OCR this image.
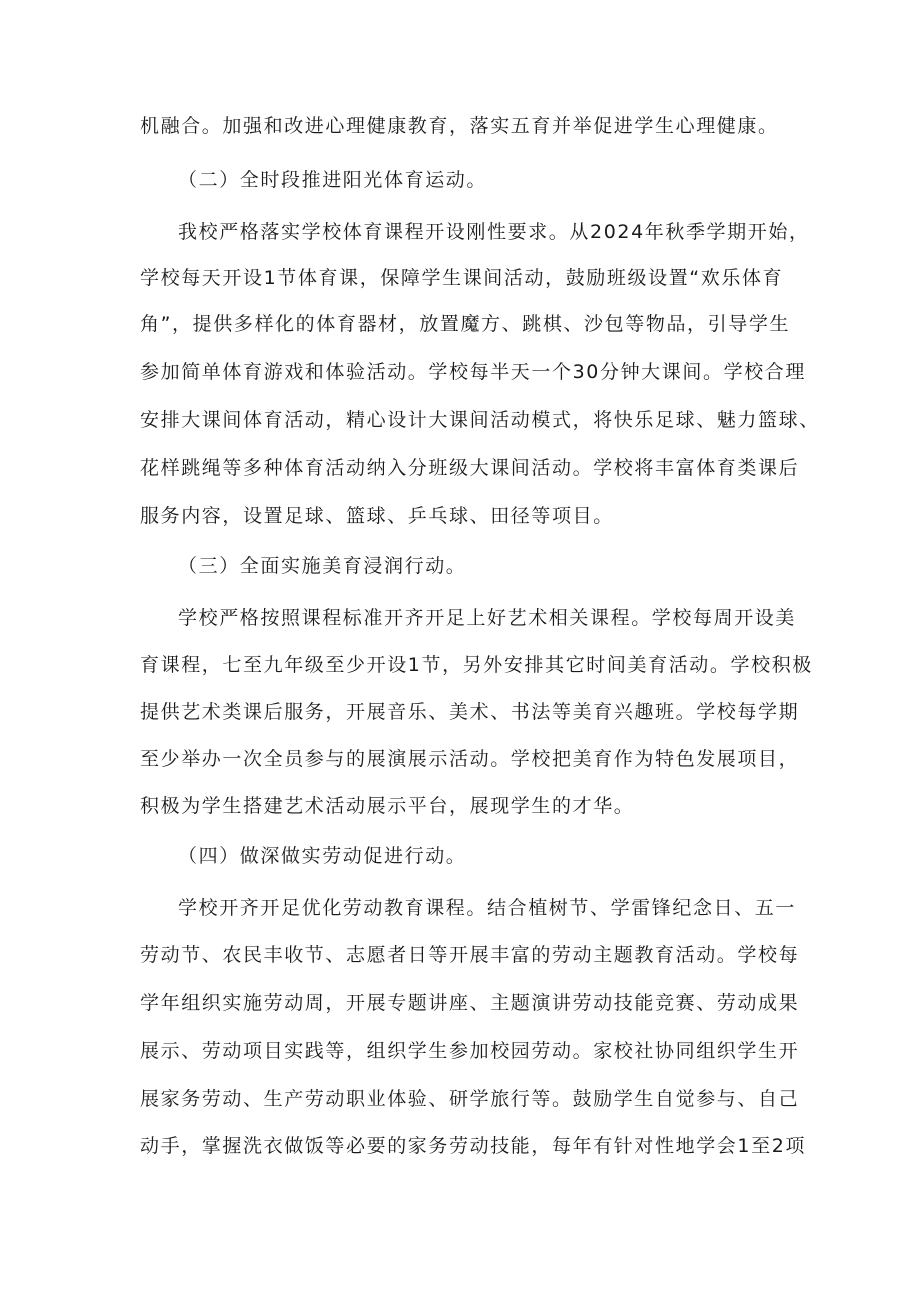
机融合。加强和改进心理健康教育，落实五育并举促进学生心理健康。
（二）全时段推进阳光体育运动。
我校严格落实学校体育课程开设刚性要求。从2024年秋季学期开始，
学校每天开设1节体育课，保障学生课间活动，鼓励班级设置“欢乐体育
角”，提供多样化的体育器材，放置魔方、跳棋、沙包等物品，引导学生
参加简单体育游戏和体验活动。学校每半天一个30分钟大课间。学校合理
安排大课间体育活动，精心设计大课间活动模式，将快乐足球、魅力篮球、
花样跳绳等多种体育活动纳入分班级大课间活动。学校将丰富体育类课后
服务内容，设置足球、篮球、乒乓球、田径等项目。
（三）全面实施美育浸润行动。
学校严格按照课程标准开齐开足上好艺术相关课程。学校每周开设美
育课程，七至九年级至少开设1节，另外安排其它时间美育活动。学校积极
提供艺术类课后服务，开展音乐、美术、书法等美育兴趣班。学校每学期
至少举办一次全员参与的展演展示活动。学校把美育作为特色发展项目，
积极为学生搭建艺术活动展示平台，展现学生的才华。
（四）做深做实劳动促进行动。
学校开齐开足优化劳动教育课程。结合植树节、学雷锋纪念日、五一
劳动节、农民丰收节、志愿者日等开展丰富的劳动主题教育活动。学校每
学年组织实施劳动周，开展专题讲座、主题演讲劳动技能竞赛、劳动成果
展示、劳动项目实践等，组织学生参加校园劳动。家校社协同组织学生开
展家务劳动、生产劳动职业体验、研学旅行等。鼓励学生自觉参与、自己
动手，掌握洗衣做饭等必要的家务劳动技能，每年有针对性地学会1至2项
